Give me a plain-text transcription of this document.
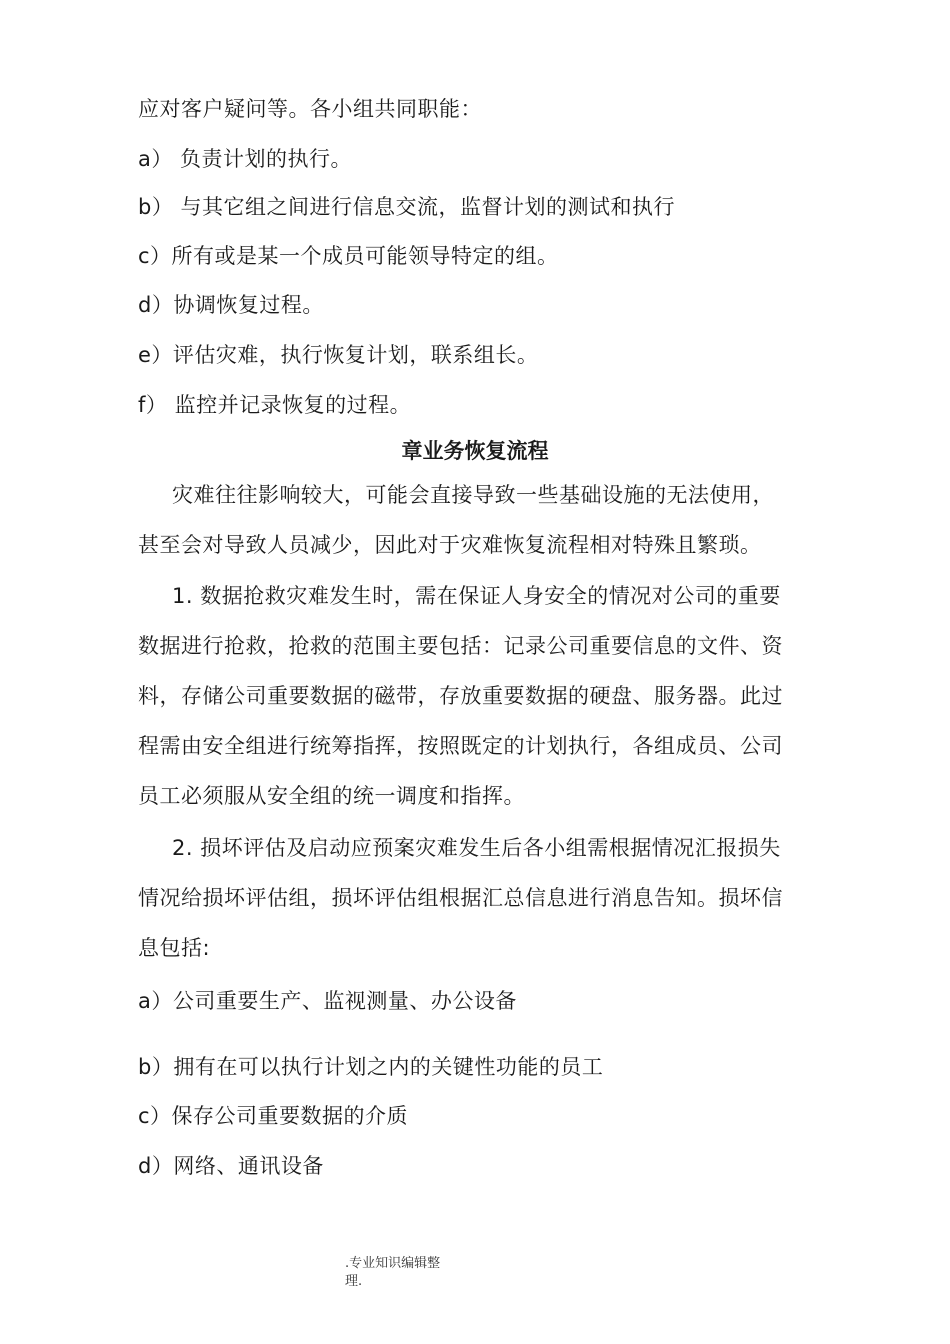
应对客户疑问等。各小组共同职能：
a） 负责计划的执行。
b） 与其它组之间进行信息交流，监督计划的测试和执行
c）所有或是某一个成员可能领导特定的组。
d）协调恢复过程。
e）评估灾难，执行恢复计划，联系组长。
f） 监控并记录恢复的过程。
章业务恢复流程
灾难往往影响较大，可能会直接导致一些基础设施的无法使用，
甚至会对导致人员减少，因此对于灾难恢复流程相对特殊且繁琐。
1. 数据抢救灾难发生时，需在保证人身安全的情况对公司的重要
数据进行抢救，抢救的范围主要包括：记录公司重要信息的文件、资
料，存储公司重要数据的磁带，存放重要数据的硬盘、服务器。此过
程需由安全组进行统筹指挥，按照既定的计划执行，各组成员、公司
员工必须服从安全组的统一调度和指挥。
2. 损坏评估及启动应预案灾难发生后各小组需根据情况汇报损失
情况给损坏评估组，损坏评估组根据汇总信息进行消息告知。损坏信
息包括:
a）公司重要生产、监视测量、办公设备
b）拥有在可以执行计划之内的关键性功能的员工
c）保存公司重要数据的介质
d）网络、通讯设备
.专业知识编辑整
理.
